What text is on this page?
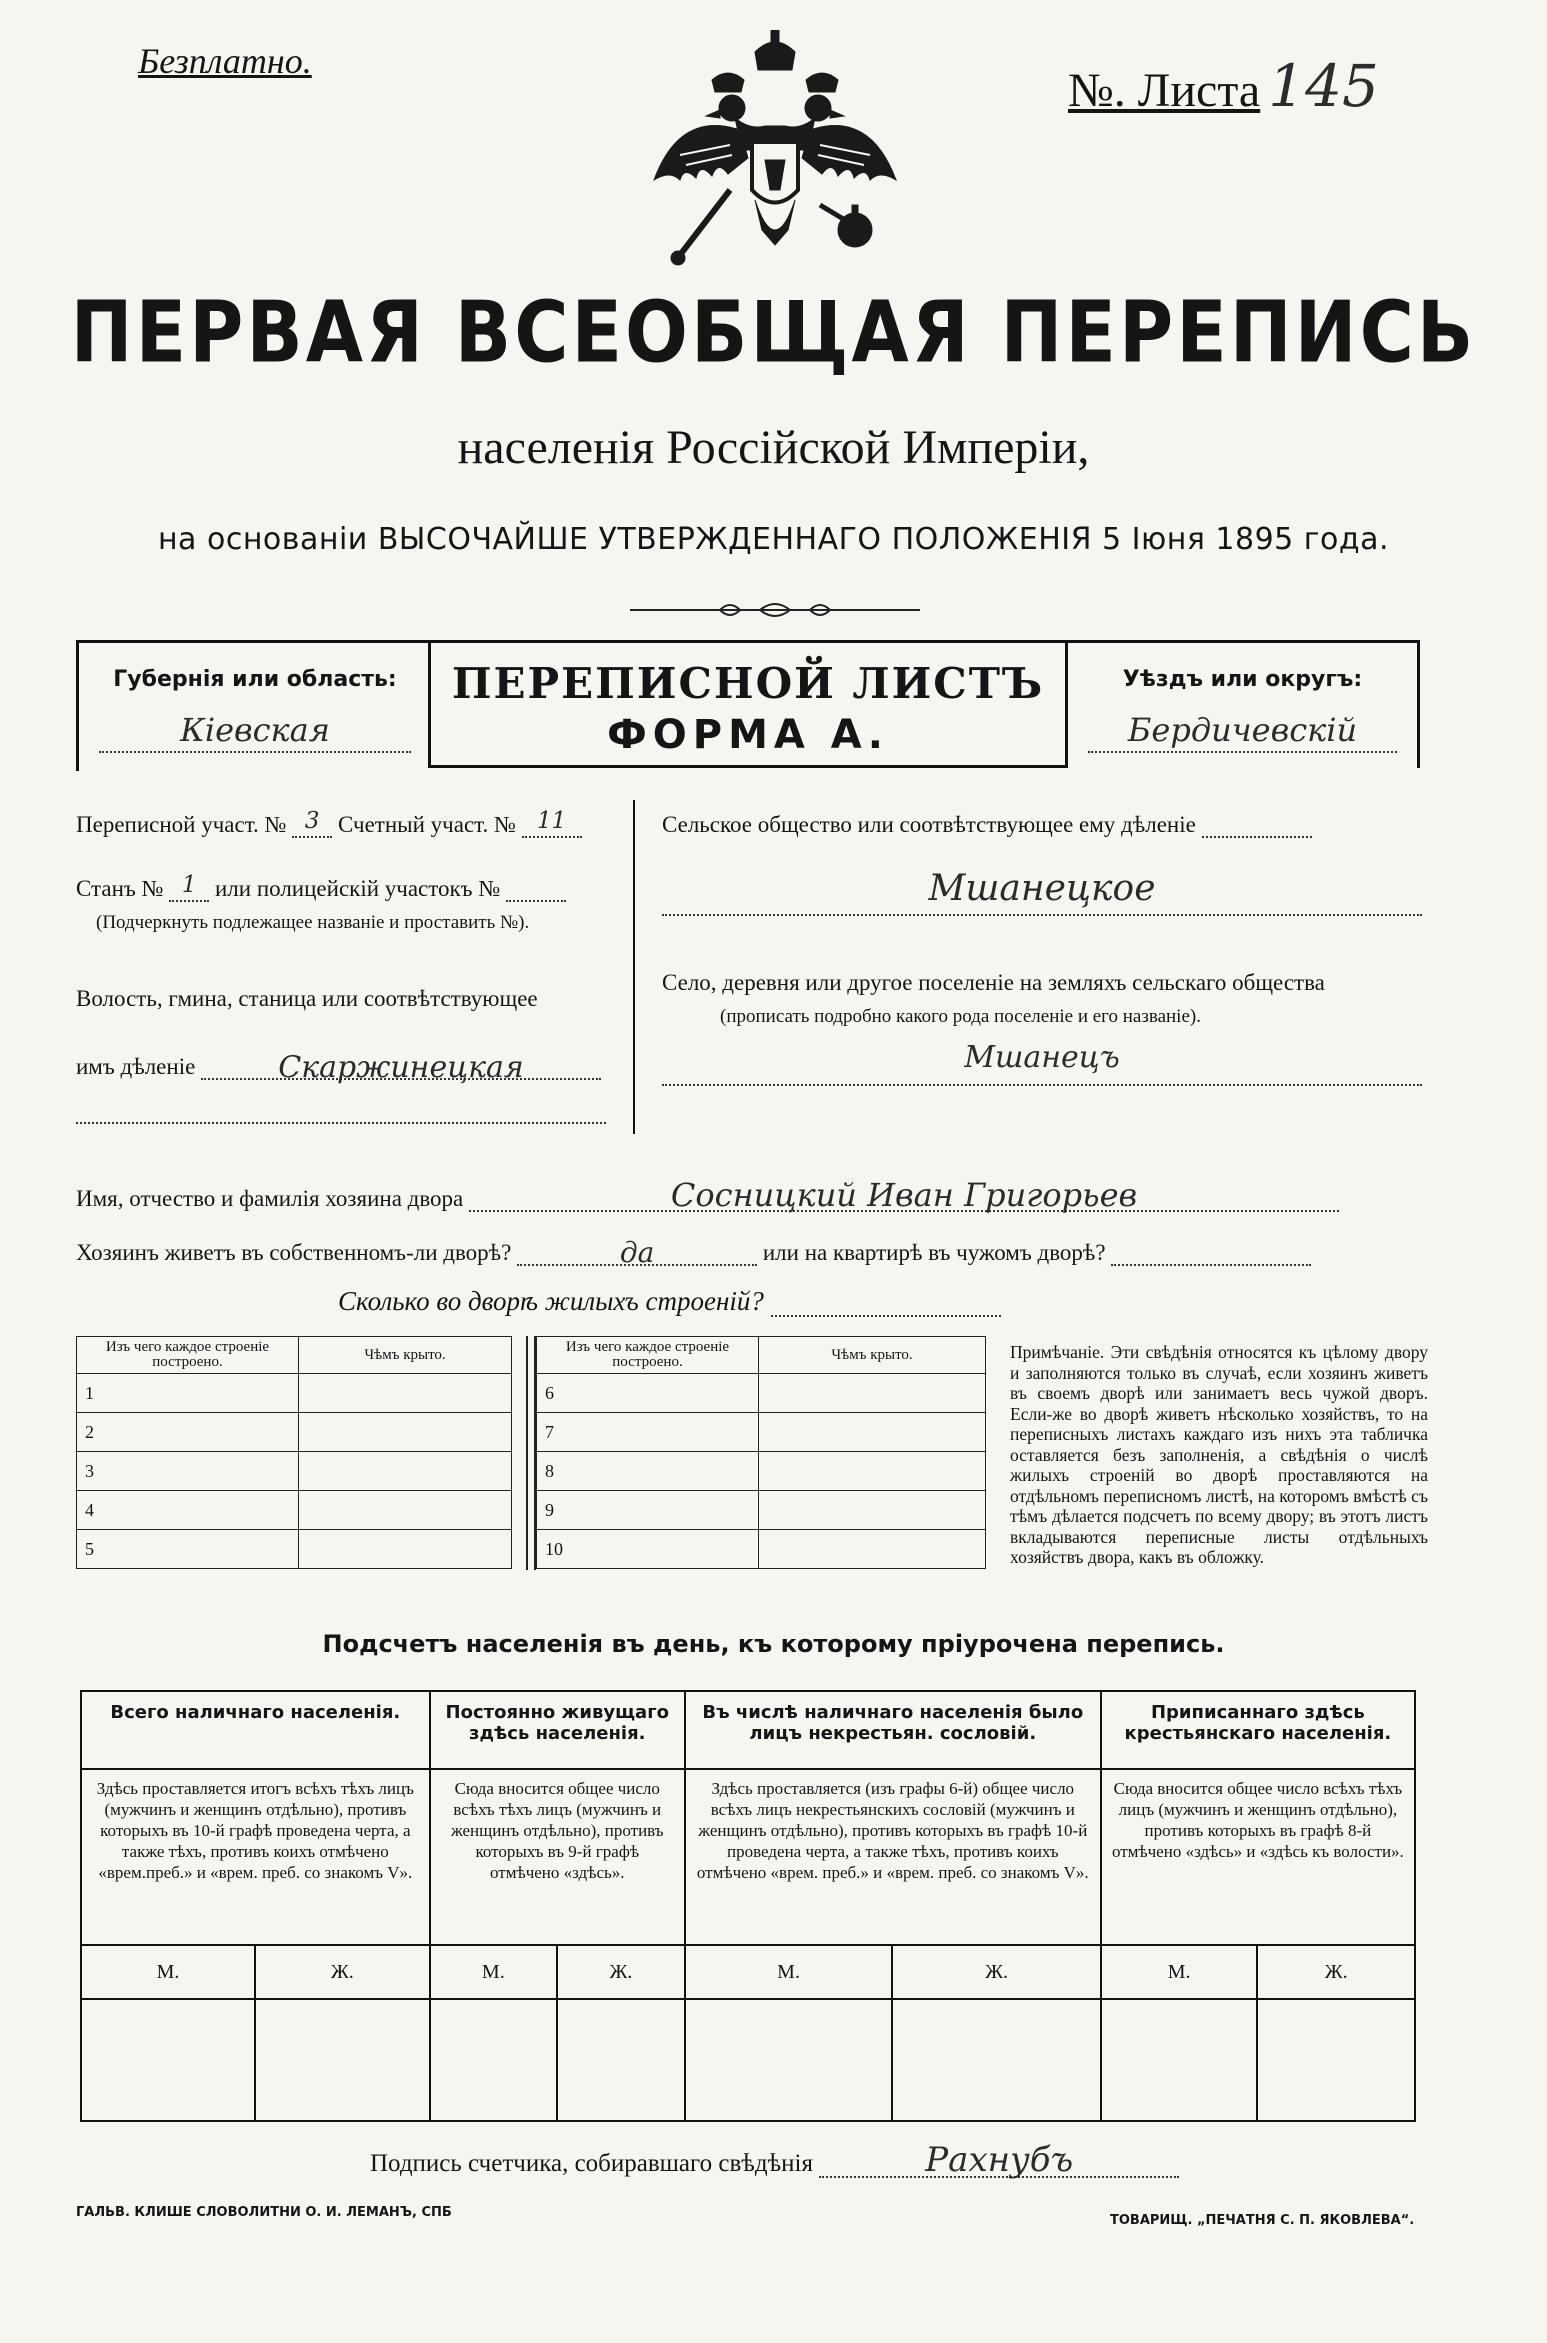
Безплатно.
№. Листа 145
ПЕРВАЯ ВСЕОБЩАЯ ПЕРЕПИСЬ
населенія Россійской Имперіи,
на основаніи ВЫСОЧАЙШЕ УТВЕРЖДЕННАГО ПОЛОЖЕНІЯ 5 Іюня 1895 года.
Губернія или область:
Кіевская
ПЕРЕПИСНОЙ ЛИСТЪ
ФОРМА А.
Уѣздъ или округъ:
Бердичевскій
Переписной участ. № 3 Счетный участ. № 11
Станъ № 1 или полицейскій участокъ №
(Подчеркнуть подлежащее названіе и проставить №).
Волость, гмина, станица или соотвѣтствующее
имъ дѣленіе	Скаржинецкая
Сельское общество или соотвѣтствующее ему дѣленіе
Мшанецкое
Село, деревня или другое поселеніе на земляхъ сельскаго общества
(прописать подробно какого рода поселеніе и его названіе).
Мшанецъ
Имя, отчество и фамилія хозяина двора	Сосницкий Иван Григорьев
Хозяинъ живетъ въ собственномъ-ли дворѣ?	да	или на квартирѣ въ чужомъ дворѣ?
Сколько во дворѣ жилыхъ строеній?
Изъ чего каждое строеніе построено.	Чѣмъ крыто.
1	
2	
3	
4	
5	
Изъ чего каждое строеніе построено.	Чѣмъ крыто.
6	
7	
8	
9	
10	
Примѣчаніе. Эти свѣдѣнія относятся къ цѣлому двору и заполняются только въ случаѣ, если хозяинъ живетъ въ своемъ дворѣ или занимаетъ весь чужой дворъ. Если-же во дворѣ живетъ нѣсколько хозяйствъ, то на переписныхъ листахъ каждаго изъ нихъ эта табличка оставляется безъ заполненія, а свѣдѣнія о числѣ жилыхъ строеній во дворѣ проставляются на отдѣльномъ переписномъ листѣ, на которомъ вмѣстѣ съ тѣмъ дѣлается подсчетъ по всему двору; въ этотъ листъ вкладываются переписные листы отдѣльныхъ хозяйствъ двора, какъ въ обложку.
Подсчетъ населенія въ день, къ которому пріурочена перепись.
Всего наличнаго населенія.		Постоянно живущаго здѣсь населенія.		Въ числѣ наличнаго населенія было лицъ некрестьян. сословій.		Приписаннаго здѣсь крестьянскаго населенія.	
Здѣсь проставляется итогъ всѣхъ тѣхъ лицъ (мужчинъ и женщинъ отдѣльно), противъ которыхъ въ 10-й графѣ проведена черта, а также тѣхъ, противъ коихъ отмѣчено «врем.преб.» и «врем. преб. со знакомъ V».		Сюда вносится общее число всѣхъ тѣхъ лицъ (мужчинъ и женщинъ отдѣльно), противъ которыхъ въ 9-й графѣ отмѣчено «здѣсь».		Здѣсь проставляется (изъ графы 6-й) общее число всѣхъ лицъ некрестьянскихъ сословій (мужчинъ и женщинъ отдѣльно), противъ которыхъ въ графѣ 10-й проведена черта, а также тѣхъ, противъ коихъ отмѣчено «врем. преб.» и «врем. преб. со знакомъ V».		Сюда вносится общее число всѣхъ тѣхъ лицъ (мужчинъ и женщинъ отдѣльно), противъ которыхъ въ графѣ 8-й отмѣчено «здѣсь» и «здѣсь къ волости».	
М.	Ж.	М.	Ж.	М.	Ж.	М.	Ж.

Подпись счетчика, собиравшаго свѣдѣнія	Рахнубъ
ГАЛЬВ. КЛИШЕ СЛОВОЛИТНИ О. И. ЛЕМАНЪ, СПБ
ТОВАРИЩ. „ПЕЧАТНЯ С. П. ЯКОВЛЕВА“.
